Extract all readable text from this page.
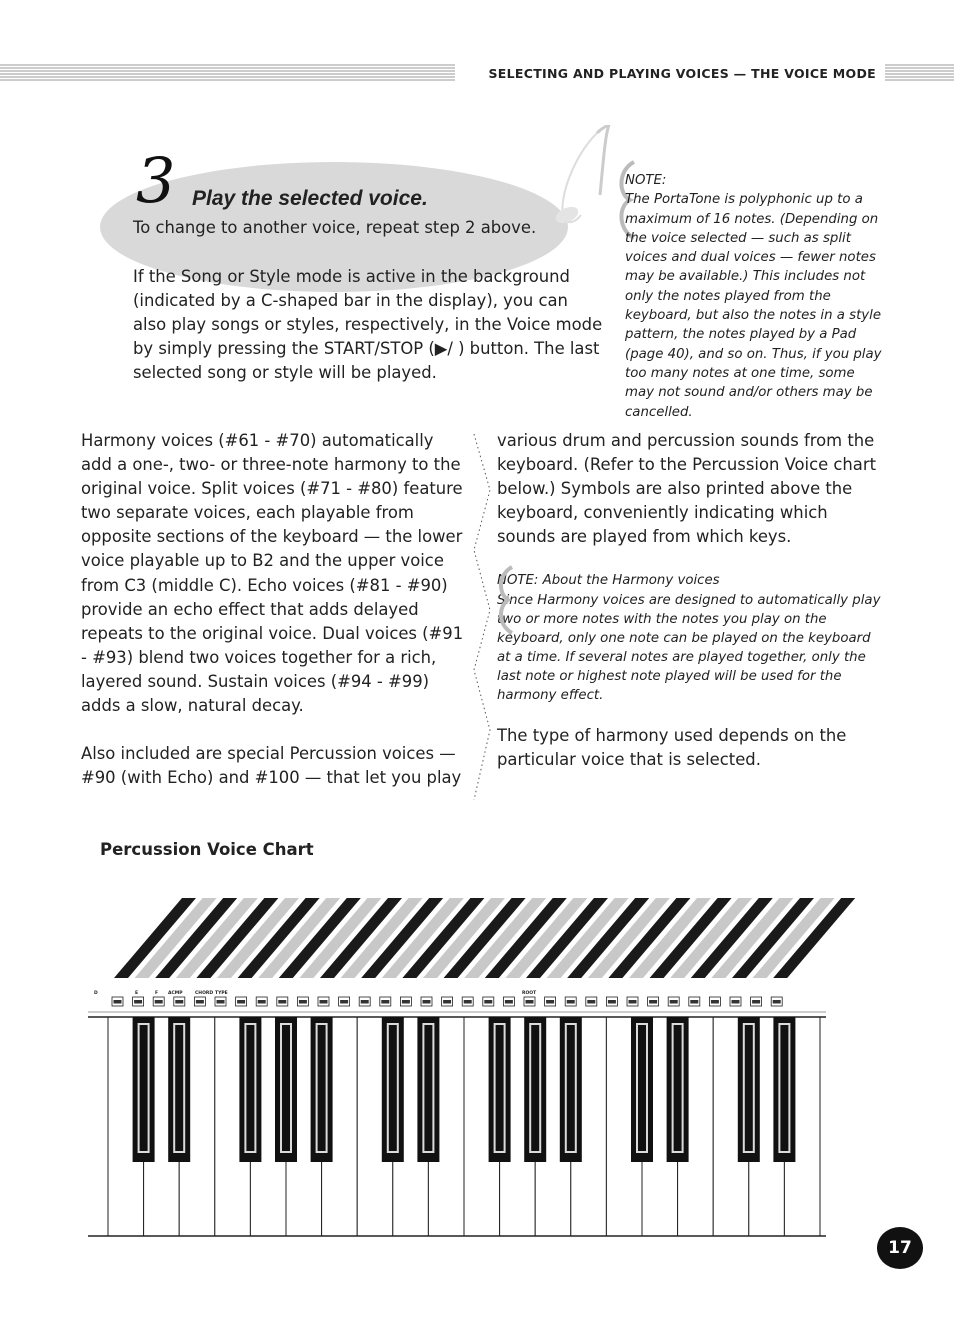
SELECTING AND PLAYING VOICES — THE VOICE MODE
3 Play the selected voice.

To change to another voice, repeat step 2 above.

If the Song or Style mode is active in the background (indicated by a C-shaped bar in the display), you can also play songs or styles, respectively, in the Voice mode by simply pressing the START/STOP (▶/ ) button. The last selected song or style will be played.

NOTE:

The PortaTone is polyphonic up to a maximum of 16 notes. (Depending on the voice selected — such as split voices and dual voices — fewer notes may be available.) This includes not only the notes played from the keyboard, but also the notes in a style pattern, the notes played by a Pad (page 40), and so on. Thus, if you play too many notes at one time, some may not sound and/or others may be cancelled.

Harmony voices (#61 - #70) automatically add a one-, two- or three-note harmony to the original voice. Split voices (#71 - #80) feature two separate voices, each playable from opposite sections of the keyboard — the lower voice playable up to B2 and the upper voice from C3 (middle C). Echo voices (#81 - #90) provide an echo effect that adds delayed repeats to the original voice. Dual voices (#91 - #93) blend two voices together for a rich, layered sound. Sustain voices (#94 - #99) adds a slow, natural decay.

Also included are special Percussion voices — #90 (with Echo) and #100 — that let you play

various drum and percussion sounds from the keyboard. (Refer to the Percussion Voice chart below.) Symbols are also printed above the keyboard, conveniently indicating which sounds are played from which keys.

NOTE: About the Harmony voices

Since Harmony voices are designed to automatically play two or more notes with the notes you play on the keyboard, only one note can be played on the keyboard at a time. If several notes are played together, only the last note or highest note played will be used for the harmony effect.

The type of harmony used depends on the particular voice that is selected.

Percussion Voice Chart
D	E	F ACMP	CHORD TYPE	ROOT
17
